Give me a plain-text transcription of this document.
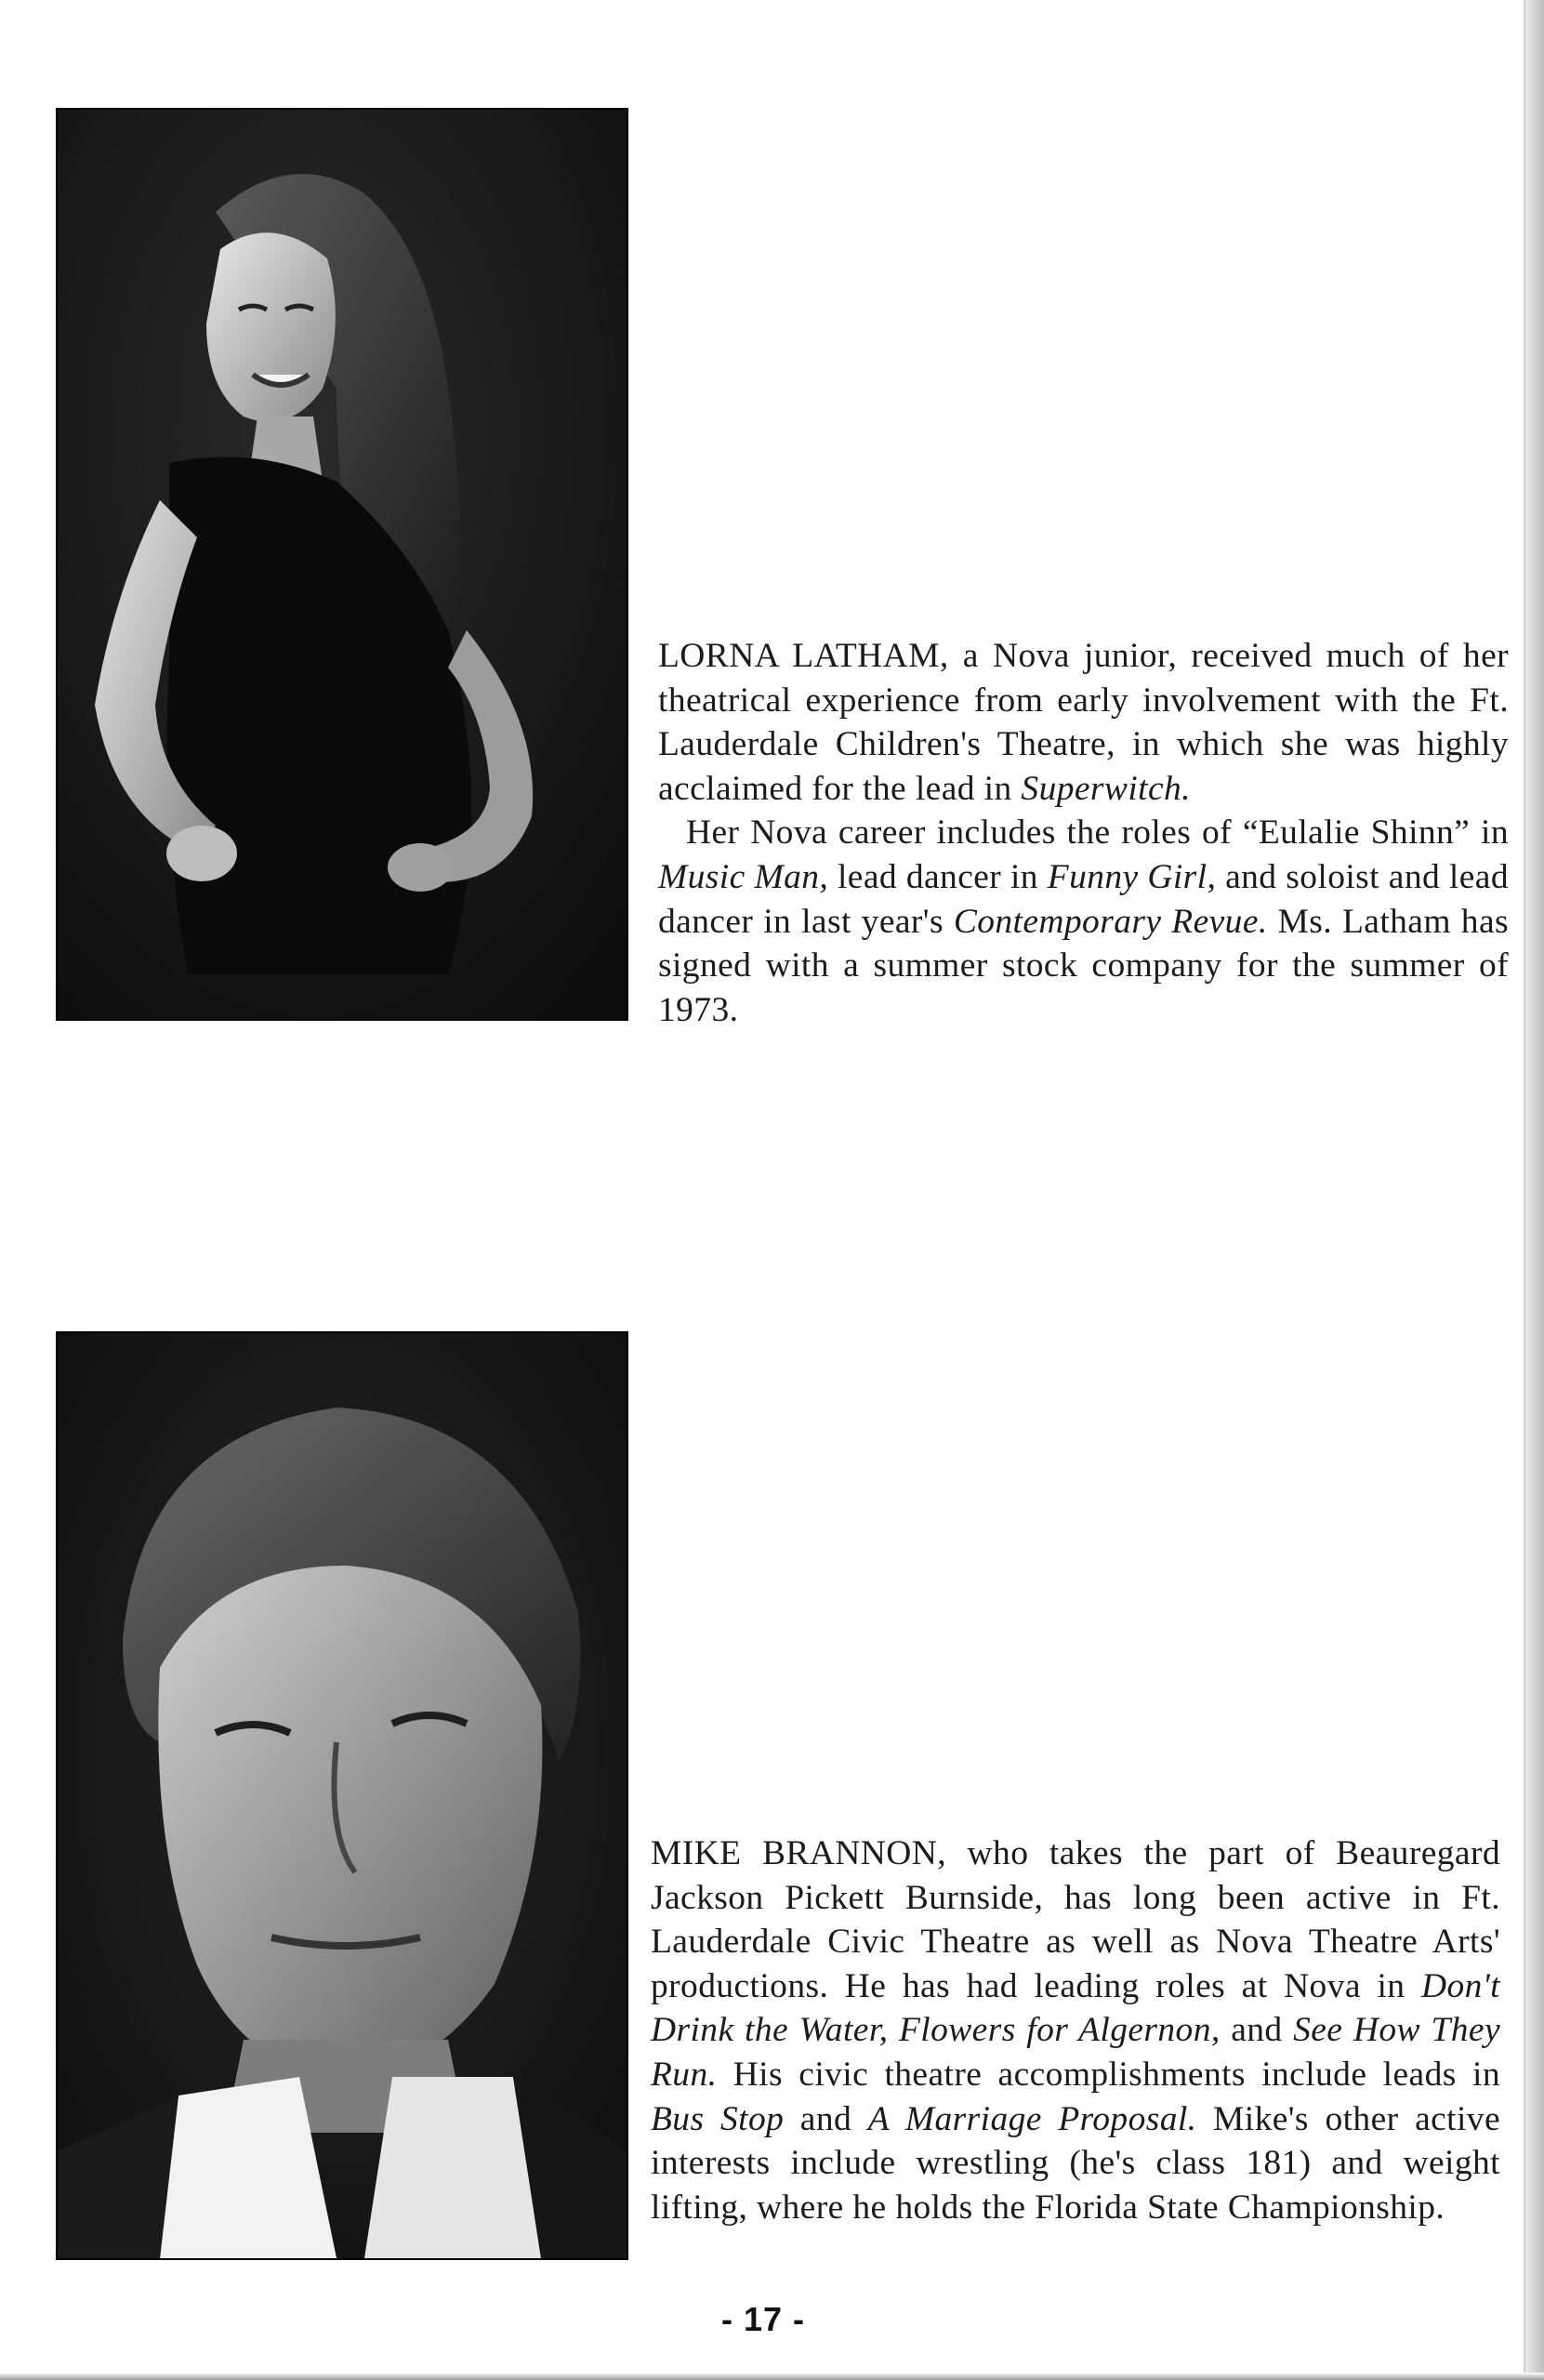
LORNA LATHAM, a Nova junior, received much of her theatrical experience from early involvement with the Ft. Lauderdale Children's Theatre, in which she was highly acclaimed for the lead in Superwitch.

Her Nova career includes the roles of “Eulalie Shinn” in Music Man, lead dancer in Funny Girl, and soloist and lead dancer in last year's Contemporary Revue. Ms. Latham has signed with a summer stock company for the summer of 1973.

MIKE BRANNON, who takes the part of Beauregard Jackson Pickett Burnside, has long been active in Ft. Lauderdale Civic Theatre as well as Nova Theatre Arts' productions. He has had leading roles at Nova in Don't Drink the Water, Flowers for Algernon, and See How They Run. His civic theatre accomplishments include leads in Bus Stop and A Marriage Proposal. Mike's other active interests include wrestling (he's class 181) and weight lifting, where he holds the Florida State Championship.

- 17 -
